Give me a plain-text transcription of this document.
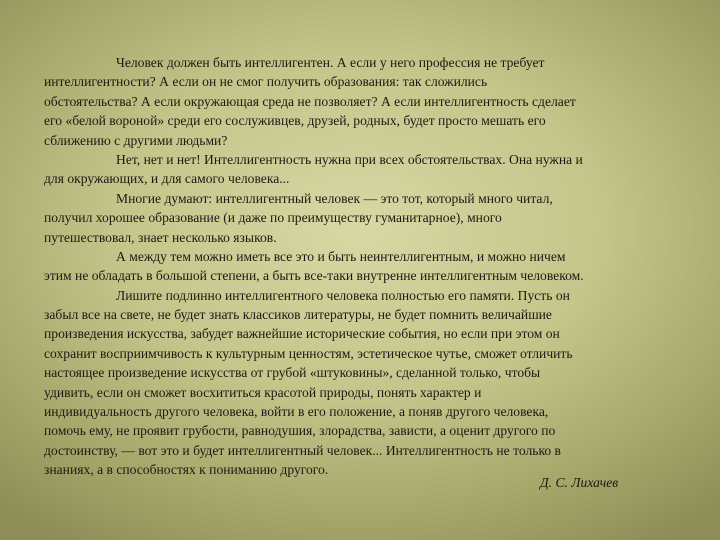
Человек должен быть интеллигентен. А если у него профессия не требует
интеллигентности? А если он не смог получить образования: так сложились
обстоятельства? А если окружающая среда не позволяет? А если интеллигентность сделает
его «белой вороной» среди его сослуживцев, друзей, родных, будет просто мешать его
сближению с другими людьми?
Нет, нет и нет! Интеллигентность нужна при всех обстоятельствах. Она нужна и
для окружающих, и для самого человека...
Многие думают: интеллигентный человек — это тот, который много читал,
получил хорошее образование (и даже по преимуществу гуманитарное), много
путешествовал, знает несколько языков.
А между тем можно иметь все это и быть неинтеллигентным, и можно ничем
этим не обладать в большой степени, а быть все-таки внутренне интеллигентным человеком.
Лишите подлинно интеллигентного человека полностью его памяти. Пусть он
забыл все на свете, не будет знать классиков литературы, не будет помнить величайшие
произведения искусства, забудет важнейшие исторические события, но если при этом он
сохранит восприимчивость к культурным ценностям, эстетическое чутье, сможет отличить
настоящее произведение искусства от грубой «штуковины», сделанной только, чтобы
удивить, если он сможет восхититься красотой природы, понять характер и
индивидуальность другого человека, войти в его положение, а поняв другого человека,
помочь ему, не проявит грубости, равнодушия, злорадства, зависти, а оценит другого по
достоинству, — вот это и будет интеллигентный человек... Интеллигентность не только в
знаниях, а в способностях к пониманию другого.
Д. С. Лихачев
